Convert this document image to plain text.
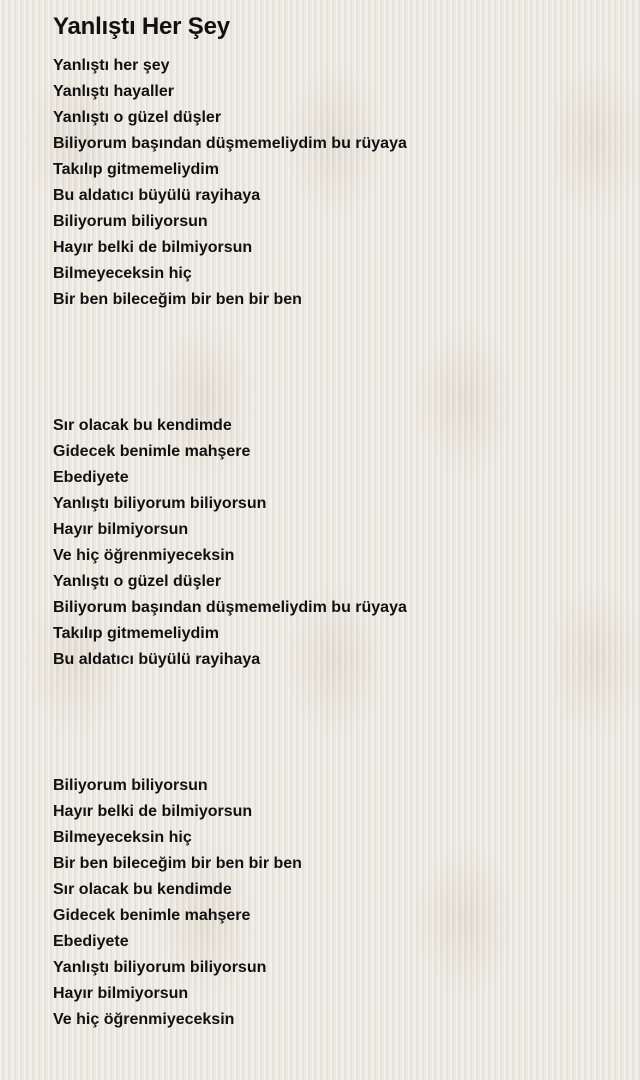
Yanlıştı Her Şey
Yanlıştı her şey
Yanlıştı hayaller
Yanlıştı o güzel düşler
Biliyorum başından düşmemeliydim bu rüyaya
Takılıp gitmemeliydim
Bu aldatıcı büyülü rayihaya
Biliyorum biliyorsun
Hayır belki de bilmiyorsun
Bilmeyeceksin hiç
Bir ben bileceğim bir ben bir ben
Sır olacak bu kendimde
Gidecek benimle mahşere
Ebediyete
Yanlıştı biliyorum biliyorsun
Hayır bilmiyorsun
Ve hiç öğrenmiyeceksin
Yanlıştı o güzel düşler
Biliyorum başından düşmemeliydim bu rüyaya
Takılıp gitmemeliydim
Bu aldatıcı büyülü rayihaya
Biliyorum biliyorsun
Hayır belki de bilmiyorsun
Bilmeyeceksin hiç
Bir ben bileceğim bir ben bir ben
Sır olacak bu kendimde
Gidecek benimle mahşere
Ebediyete
Yanlıştı biliyorum biliyorsun
Hayır bilmiyorsun
Ve hiç öğrenmiyeceksin
